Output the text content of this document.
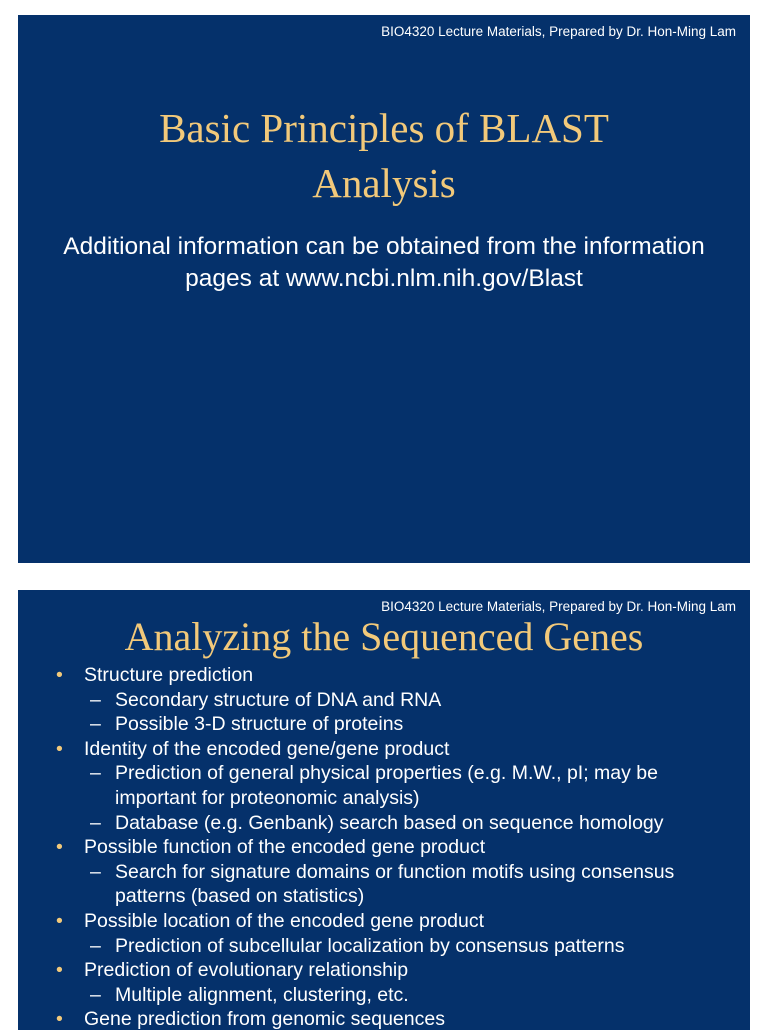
BIO4320 Lecture Materials, Prepared by Dr. Hon-Ming Lam
Basic Principles of BLAST
Analysis
Additional information can be obtained from the information
pages at www.ncbi.nlm.nih.gov/Blast
BIO4320 Lecture Materials, Prepared by Dr. Hon-Ming Lam
Analyzing the Sequenced Genes
• Structure prediction
– Secondary structure of DNA and RNA
– Possible 3-D structure of proteins
• Identity of the encoded gene/gene product
– Prediction of general physical properties (e.g. M.W., pI; may be important for proteonomic analysis)
– Database (e.g. Genbank) search based on sequence homology
• Possible function of the encoded gene product
– Search for signature domains or function motifs using consensus patterns (based on statistics)
• Possible location of the encoded gene product
– Prediction of subcellular localization by consensus patterns
• Prediction of evolutionary relationship
– Multiple alignment, clustering, etc.
• Gene prediction from genomic sequences
